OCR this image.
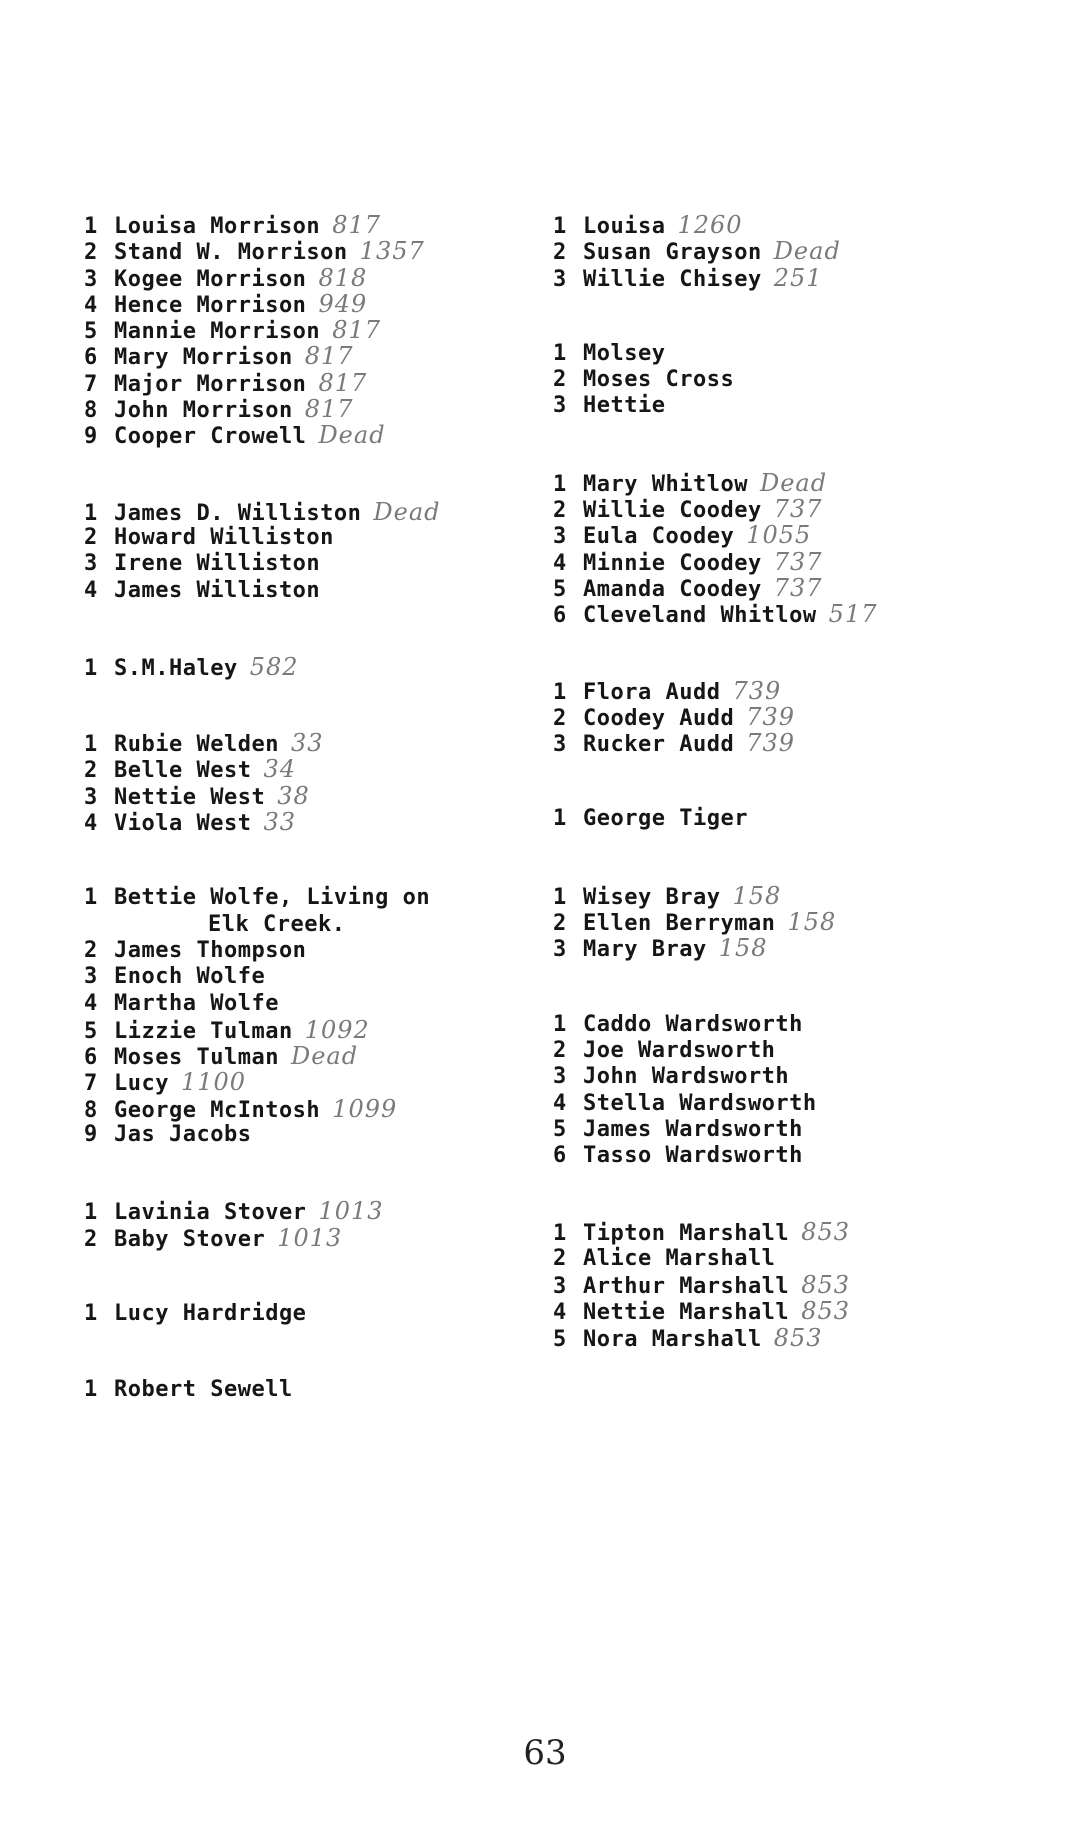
1 Louisa Morrison 817
2 Stand W. Morrison 1357
3 Kogee Morrison 818
4 Hence Morrison 949
5 Mannie Morrison 817
6 Mary Morrison 817
7 Major Morrison 817
8 John Morrison 817
9 Cooper Crowell Dead
1 James D. Williston Dead
2 Howard Williston
3 Irene Williston
4 James Williston
1 S.M.Haley 582
1 Rubie Welden 33
2 Belle West 34
3 Nettie West 38
4 Viola West 33
1 Bettie Wolfe, Living on
Elk Creek.
2 James Thompson
3 Enoch Wolfe
4 Martha Wolfe
5 Lizzie Tulman 1092
6 Moses Tulman Dead
7 Lucy 1100
8 George McIntosh 1099
9 Jas Jacobs
1 Lavinia Stover 1013
2 Baby Stover 1013
1 Lucy Hardridge
1 Robert Sewell
1 Louisa 1260
2 Susan Grayson Dead
3 Willie Chisey 251
1 Molsey
2 Moses Cross
3 Hettie
1 Mary Whitlow Dead
2 Willie Coodey 737
3 Eula Coodey 1055
4 Minnie Coodey 737
5 Amanda Coodey 737
6 Cleveland Whitlow 517
1 Flora Audd 739
2 Coodey Audd 739
3 Rucker Audd 739
1 George Tiger
1 Wisey Bray 158
2 Ellen Berryman 158
3 Mary Bray 158
1 Caddo Wardsworth
2 Joe Wardsworth
3 John Wardsworth
4 Stella Wardsworth
5 James Wardsworth
6 Tasso Wardsworth
1 Tipton Marshall 853
2 Alice Marshall
3 Arthur Marshall 853
4 Nettie Marshall 853
5 Nora Marshall 853
63
